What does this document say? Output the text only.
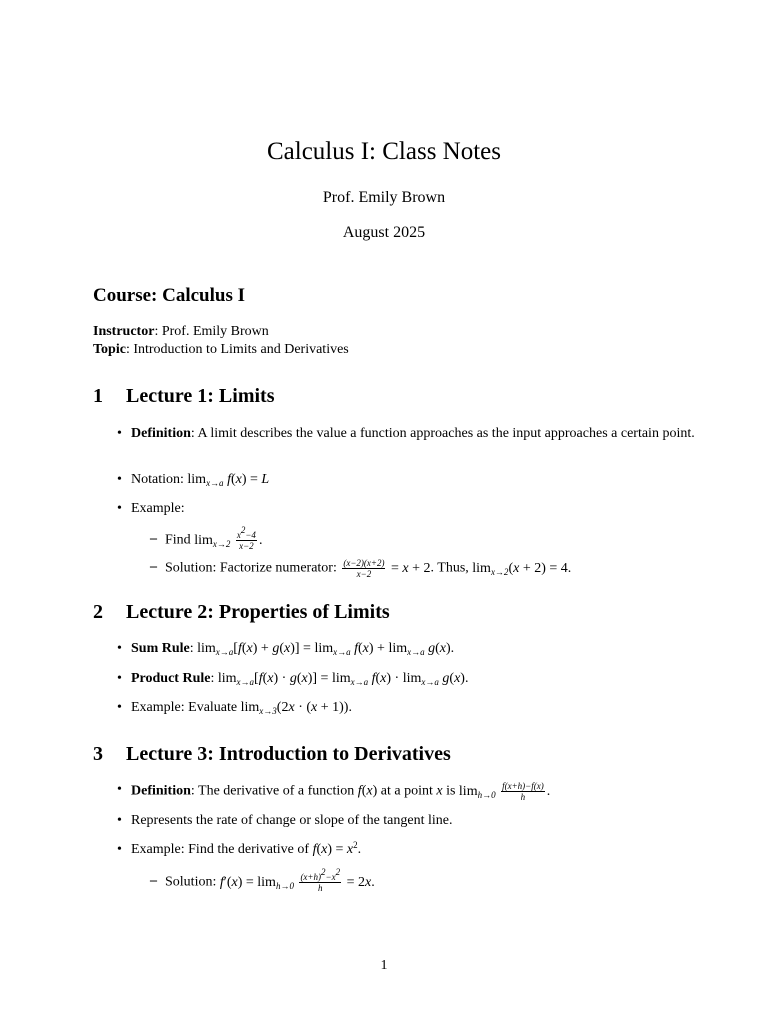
Calculus I: Class Notes
Prof. Emily Brown
August 2025
Course: Calculus I
Instructor: Prof. Emily Brown
Topic: Introduction to Limits and Derivatives
1 Lecture 1: Limits
• Definition: A limit describes the value a function approaches as the input approaches a certain point.
• Notation: $\lim_{x\to a} f(x) = L$
• Example:
– Find $\lim_{x\to 2} \frac{x^2-4}{x-2}$ .
– Solution: Factorize numerator: $\frac{(x-2)(x+2)}{x-2} = x + 2$. Thus, $\lim_{x\to 2}(x + 2) = 4$.
2 Lecture 2: Properties of Limits
• Sum Rule: $\lim_{x\to a}[f(x) + g(x)] = \lim_{x\to a} f(x) + \lim_{x\to a} g(x)$.
• Product Rule: $\lim_{x\to a}[f(x) \cdot g(x)] = \lim_{x\to a} f(x) \cdot \lim_{x\to a} g(x)$.
• Example: Evaluate $\lim_{x\to 3}(2x \cdot (x + 1))$.
3 Lecture 3: Introduction to Derivatives
• Definition: The derivative of a function f(x) at a point x is $\lim_{h\to 0} \frac{f(x+h)-f(x)}{h}$ .
• Represents the rate of change or slope of the tangent line.
• Example: Find the derivative of $f(x) = x^2$.
– Solution: $f'(x) = \lim_{h\to 0} \frac{(x+h)^2-x^2}{h} = 2x$.
1
